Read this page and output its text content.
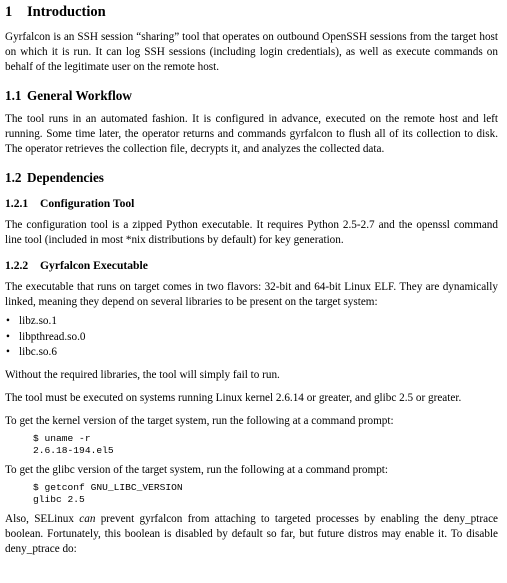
1 Introduction

Gyrfalcon is an SSH session “sharing” tool that operates on outbound OpenSSH sessions from the target host on which it is run. It can log SSH sessions (including login credentials), as well as execute commands on behalf of the legitimate user on the remote host.

1.1 General Workflow

The tool runs in an automated fashion. It is configured in advance, executed on the remote host and left running. Some time later, the operator returns and commands gyrfalcon to flush all of its collection to disk. The operator retrieves the collection file, decrypts it, and analyzes the collected data.

1.2 Dependencies
1.2.1 Configuration Tool

The configuration tool is a zipped Python executable. It requires Python 2.5-2.7 and the openssl command line tool (included in most *nix distributions by default) for key generation.

1.2.2 Gyrfalcon Executable

The executable that runs on target comes in two flavors: 32-bit and 64-bit Linux ELF. They are dynamically linked, meaning they depend on several libraries to be present on the target system:

• libz.so.1
• libpthread.so.0
• libc.so.6

Without the required libraries, the tool will simply fail to run.

The tool must be executed on systems running Linux kernel 2.6.14 or greater, and glibc 2.5 or greater.

To get the kernel version of the target system, run the following at a command prompt:

$ uname -r
2.6.18-194.el5

To get the glibc version of the target system, run the following at a command prompt:

$ getconf GNU_LIBC_VERSION
glibc 2.5

Also, SELinux can prevent gyrfalcon from attaching to targeted processes by enabling the deny_ptrace boolean. Fortunately, this boolean is disabled by default so far, but future distros may enable it. To disable deny_ptrace do:
